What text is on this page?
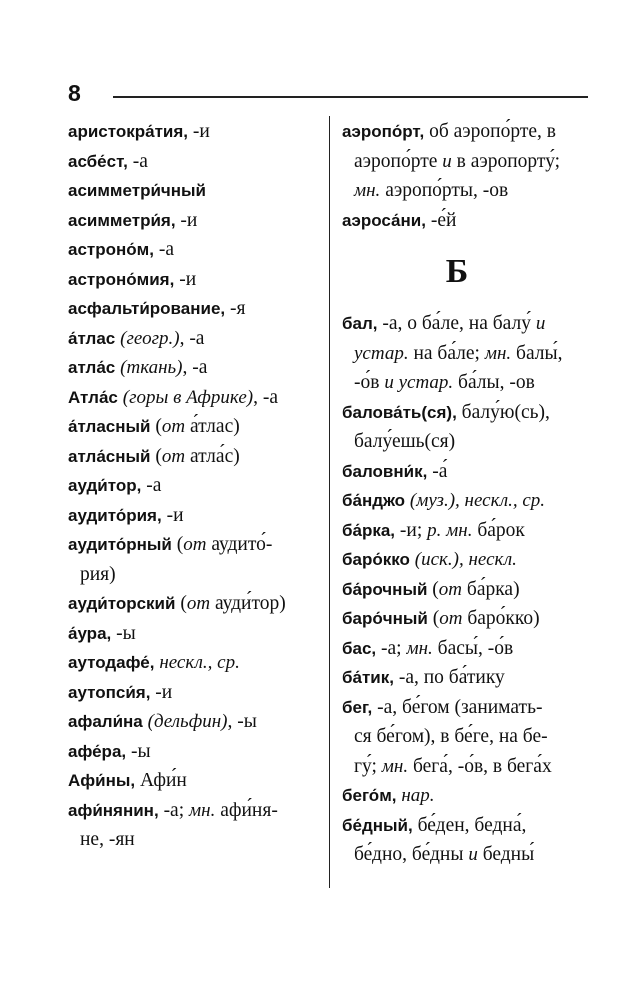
8
аристокра́тия, -и
асбе́ст, -а
асимметри́чный
асимметри́я, -и
астроно́м, -а
астроно́мия, -и
асфальти́рование, -я
а́тлас (геогр.), -а
атла́с (ткань), -а
Атла́с (горы в Африке), -а
а́тласный (от а́тлас)
атла́сный (от атла́с)
ауди́тор, -а
аудито́рия, -и
аудито́рный (от аудито́-
рия)
ауди́торский (от ауди́тор)
а́ура, -ы
аутодафе́, нескл., ср.
аутопси́я, -и
афали́на (дельфин), -ы
афе́ра, -ы
Афи́ны, Афи́н
афи́нянин, -а; мн. афи́ня-
не, -ян
аэропо́рт, об аэропо́рте, в
аэропо́рте и в аэропорту́;
мн. аэропо́рты, -ов
аэроса́ни, -е́й
Б
бал, -а, о ба́ле, на балу́ и
устар. на ба́ле; мн. балы́,
-о́в и устар. ба́лы, -ов
балова́ть(ся), балу́ю(сь),
балу́ешь(ся)
баловни́к, -а́
ба́нджо (муз.), нескл., ср.
ба́рка, -и; р. мн. ба́рок
баро́кко (иск.), нескл.
ба́рочный (от ба́рка)
баро́чный (от баро́кко)
бас, -а; мн. басы́, -о́в
ба́тик, -а, по ба́тику
бег, -а, бе́гом (занимать-
ся бе́гом), в бе́ге, на бе-
гу́; мн. бега́, -о́в, в бега́х
бего́м, нар.
бе́дный, бе́ден, бедна́,
бе́дно, бе́дны и бедны́
